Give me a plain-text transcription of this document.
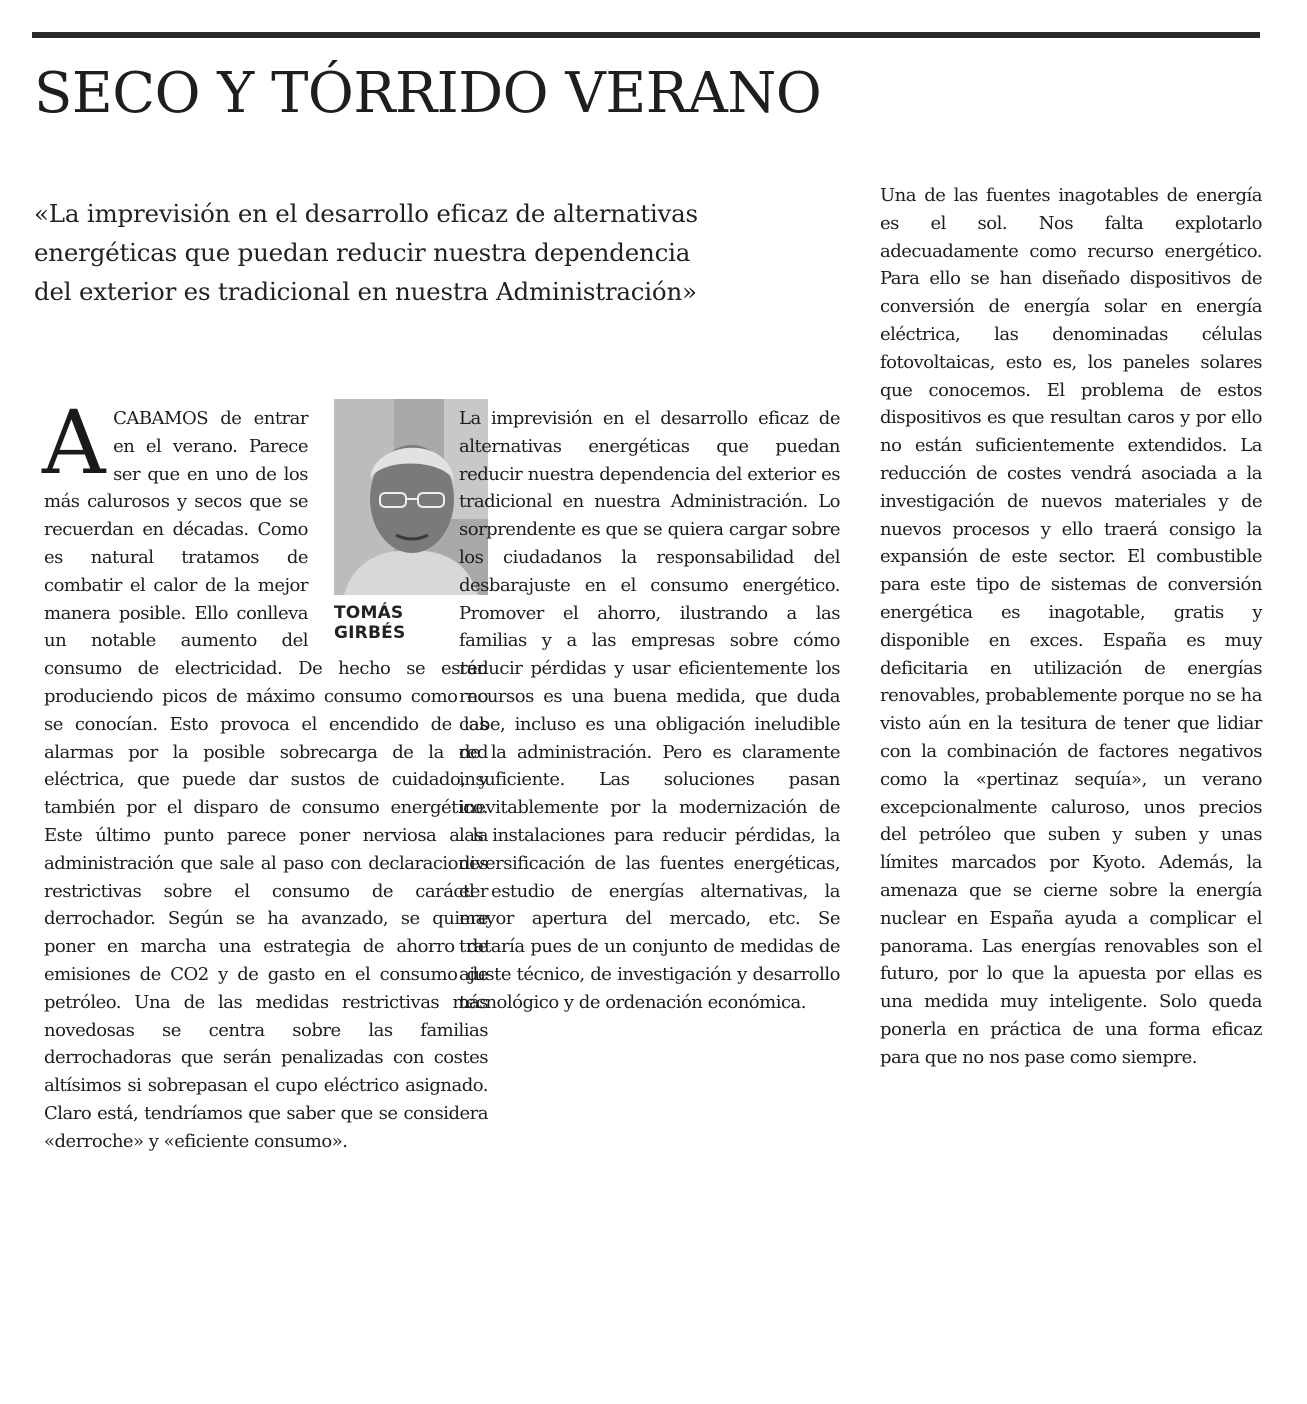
SECO Y TÓRRIDO VERANO

«La imprevisión en el desarrollo eficaz de alternativas energéticas que puedan reducir nuestra dependencia del exterior es tradicional en nuestra Administración»

TOMÁS
GIRBÉS

ACABAMOS de entrar en el verano. Parece ser que en uno de los más calurosos y secos que se recuerdan en décadas. Como es natural tratamos de combatir el calor de la mejor manera posible. Ello conlleva un notable aumento del consumo de electricidad. De hecho se están produciendo picos de máximo consumo como no se conocían. Esto provoca el encendido de las alarmas por la posible sobrecarga de la red eléctrica, que puede dar sustos de cuidado, y también por el disparo de consumo energético. Este último punto parece poner nerviosa a la administración que sale al paso con declaraciones restrictivas sobre el consumo de carácter derrochador. Según se ha avanzado, se quiere poner en marcha una estrategia de ahorro de emisiones de CO2 y de gasto en el consumo de petróleo. Una de las medidas restrictivas más novedosas se centra sobre las familias derrochadoras que serán penalizadas con costes altísimos si sobrepasan el cupo eléctrico asignado. Claro está, tendríamos que saber que se considera «derroche» y «eficiente consumo».

La imprevisión en el desarrollo eficaz de alternativas energéticas que puedan reducir nuestra dependencia del exterior es tradicional en nuestra Administración. Lo sorprendente es que se quiera cargar sobre los ciudadanos la responsabilidad del desbarajuste en el consumo energético. Promover el ahorro, ilustrando a las familias y a las empresas sobre cómo reducir pérdidas y usar eficientemente los recursos es una buena medida, que duda cabe, incluso es una obligación ineludible de la administración. Pero es claramente insuficiente. Las soluciones pasan inevitablemente por la modernización de las instalaciones para reducir pérdidas, la diversificación de las fuentes energéticas, el estudio de energías alternativas, la mayor apertura del mercado, etc. Se trataría pues de un conjunto de medidas de ajuste técnico, de investigación y desarrollo tecnológico y de ordenación económica.

Una de las fuentes inagotables de energía es el sol. Nos falta explotarlo adecuadamente como recurso energético. Para ello se han diseñado dispositivos de conversión de energía solar en energía eléctrica, las denominadas células fotovoltaicas, esto es, los paneles solares que conocemos. El problema de estos dispositivos es que resultan caros y por ello no están suficientemente extendidos. La reducción de costes vendrá asociada a la investigación de nuevos materiales y de nuevos procesos y ello traerá consigo la expansión de este sector. El combustible para este tipo de sistemas de conversión energética es inagotable, gratis y disponible en exces. España es muy deficitaria en utilización de energías renovables, probablemente porque no se ha visto aún en la tesitura de tener que lidiar con la combinación de factores negativos como la «pertinaz sequía», un verano excepcionalmente caluroso, unos precios del petróleo que suben y suben y unas límites marcados por Kyoto. Además, la amenaza que se cierne sobre la energía nuclear en España ayuda a complicar el panorama. Las energías renovables son el futuro, por lo que la apuesta por ellas es una medida muy inteligente. Solo queda ponerla en práctica de una forma eficaz para que no nos pase como siempre.
